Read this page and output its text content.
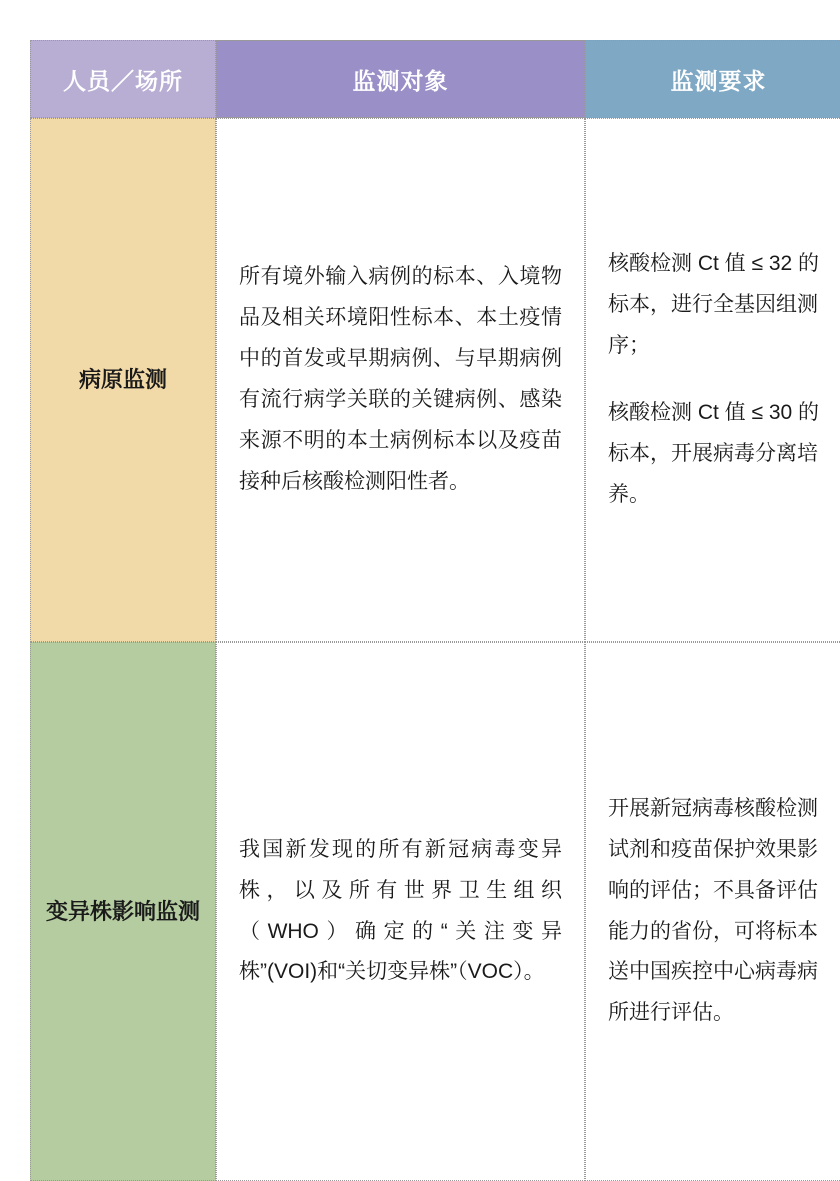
人员／场所	监测对象	监测要求
病原监测	所有境外输入病例的标本、入境物品及相关环境阳性标本、本土疫情中的首发或早期病例、与早期病例有流行病学关联的关键病例、感染来源不明的本土病例标本以及疫苗接种后核酸检测阳性者。	核酸检测 Ct 值 ≤ 32 的标本，进行全基因组测序；
核酸检测 Ct 值 ≤ 30 的标本，开展病毒分离培养。

变异株影响监测	我国新发现的所有新冠病毒变异株，以及所有世界卫生组织（WHO）确定的“关注变异株”(VOI)和“关切变异株”（VOC）。	开展新冠病毒核酸检测试剂和疫苗保护效果影响的评估；不具备评估能力的省份，可将标本送中国疾控中心病毒病所进行评估。
